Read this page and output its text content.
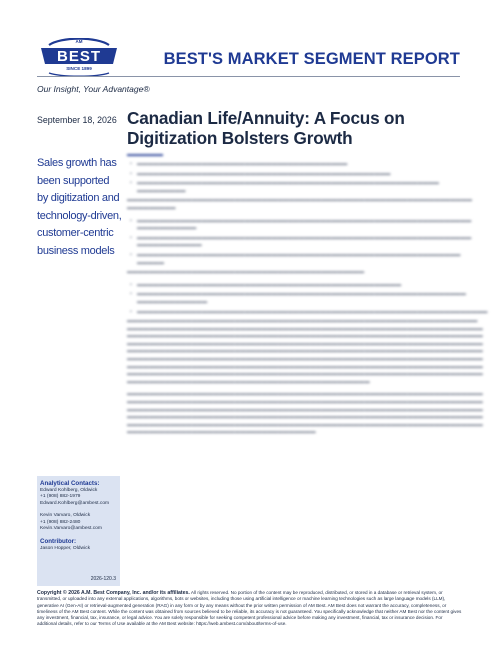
AM
BEST
SINCE 1899
BEST'S MARKET SEGMENT REPORT
Our Insight, Your Advantage®
September 18, 2026
Sales growth has been supported by digitization and technology-driven, customer-centric business models
Analytical Contacts:
Edward Kohlberg, Oldwick
+1 (908) 882-1979
Edward.Kohlberg@ambest.com
Kevin Varvaro, Oldwick
+1 (908) 882-2480
Kevin.Varvaro@ambest.com
Contributor:
Jason Hopper, Oldwick
2026-120.3
Canadian Life/Annuity: A Focus on Digitization Bolsters Growth
▬▬▬▬▬▬
• ▬▬▬▬▬▬▬▬▬▬▬▬▬▬▬▬▬▬▬▬▬▬▬▬▬▬▬▬▬▬▬▬▬▬▬▬▬▬▬
• ▬▬▬▬▬▬▬▬▬▬▬▬▬▬▬▬▬▬▬▬▬▬▬▬▬▬▬▬▬▬▬▬▬▬▬▬▬▬▬▬▬▬▬▬▬▬▬
• ▬▬▬▬▬▬▬▬▬▬▬▬▬▬▬▬▬▬▬▬▬▬▬▬▬▬▬▬▬▬▬▬▬▬▬▬▬▬▬▬▬▬▬▬▬▬▬▬▬▬▬▬▬▬▬▬ ▬▬▬▬▬▬▬▬▬
▬▬▬▬▬▬▬▬▬▬▬▬▬▬▬▬▬▬▬▬▬▬▬▬▬▬▬▬▬▬▬▬▬▬▬▬▬▬▬▬▬▬▬▬▬▬▬▬▬▬▬▬▬▬▬▬▬▬▬▬▬▬▬▬ ▬▬▬▬▬▬▬▬▬
• ▬▬▬▬▬▬▬▬▬▬▬▬▬▬▬▬▬▬▬▬▬▬▬▬▬▬▬▬▬▬▬▬▬▬▬▬▬▬▬▬▬▬▬▬▬▬▬▬▬▬▬▬▬▬▬▬▬▬▬▬▬▬ ▬▬▬▬▬▬▬▬▬▬▬
• ▬▬▬▬▬▬▬▬▬▬▬▬▬▬▬▬▬▬▬▬▬▬▬▬▬▬▬▬▬▬▬▬▬▬▬▬▬▬▬▬▬▬▬▬▬▬▬▬▬▬▬▬▬▬▬▬▬▬▬▬▬▬ ▬▬▬▬▬▬▬▬▬▬▬▬
• ▬▬▬▬▬▬▬▬▬▬▬▬▬▬▬▬▬▬▬▬▬▬▬▬▬▬▬▬▬▬▬▬▬▬▬▬▬▬▬▬▬▬▬▬▬▬▬▬▬▬▬▬▬▬▬▬▬▬▬▬ ▬▬▬▬▬
▬▬▬▬▬▬▬▬▬▬▬▬▬▬▬▬▬▬▬▬▬▬▬▬▬▬▬▬▬▬▬▬▬▬▬▬▬▬▬▬▬▬▬▬
• ▬▬▬▬▬▬▬▬▬▬▬▬▬▬▬▬▬▬▬▬▬▬▬▬▬▬▬▬▬▬▬▬▬▬▬▬▬▬▬▬▬▬▬▬▬▬▬▬▬
• ▬▬▬▬▬▬▬▬▬▬▬▬▬▬▬▬▬▬▬▬▬▬▬▬▬▬▬▬▬▬▬▬▬▬▬▬▬▬▬▬▬▬▬▬▬▬▬▬▬▬▬▬▬▬▬▬▬▬▬▬▬ ▬▬▬▬▬▬▬▬▬▬▬▬▬
• ▬▬▬▬▬▬▬▬▬▬▬▬▬▬▬▬▬▬▬▬▬▬▬▬▬▬▬▬▬▬▬▬▬▬▬▬▬▬▬▬▬▬▬▬▬▬▬▬▬▬▬▬▬▬▬▬▬▬▬▬▬▬▬▬▬
▬▬▬▬▬▬▬▬▬▬▬▬▬▬▬▬▬▬▬▬▬▬▬▬▬▬▬▬▬▬▬▬▬▬▬▬▬▬▬▬▬▬▬▬▬▬▬▬▬▬▬▬▬▬▬▬▬▬▬▬▬▬▬▬▬ ▬▬▬▬▬▬▬▬▬▬▬▬▬▬▬▬▬▬▬▬▬▬▬▬▬▬▬▬▬▬▬▬▬▬▬▬▬▬▬▬▬▬▬▬▬▬▬▬▬▬▬▬▬▬▬▬▬▬▬▬▬▬▬▬▬▬ ▬▬▬▬▬▬▬▬▬▬▬▬▬▬▬▬▬▬▬▬▬▬▬▬▬▬▬▬▬▬▬▬▬▬▬▬▬▬▬▬▬▬▬▬▬▬▬▬▬▬▬▬▬▬▬▬▬▬▬▬▬▬▬▬▬▬ ▬▬▬▬▬▬▬▬▬▬▬▬▬▬▬▬▬▬▬▬▬▬▬▬▬▬▬▬▬▬▬▬▬▬▬▬▬▬▬▬▬▬▬▬▬▬▬▬▬▬▬▬▬▬▬▬▬▬▬▬▬▬▬▬▬▬ ▬▬▬▬▬▬▬▬▬▬▬▬▬▬▬▬▬▬▬▬▬▬▬▬▬▬▬▬▬▬▬▬▬▬▬▬▬▬▬▬▬▬▬▬▬▬▬▬▬▬▬▬▬▬▬▬▬▬▬▬▬▬▬▬▬▬ ▬▬▬▬▬▬▬▬▬▬▬▬▬▬▬▬▬▬▬▬▬▬▬▬▬▬▬▬▬▬▬▬▬▬▬▬▬▬▬▬▬▬▬▬▬▬▬▬▬▬▬▬▬▬▬▬▬▬▬▬▬▬▬▬▬▬ ▬▬▬▬▬▬▬▬▬▬▬▬▬▬▬▬▬▬▬▬▬▬▬▬▬▬▬▬▬▬▬▬▬▬▬▬▬▬▬▬▬▬▬▬▬▬▬▬▬▬▬▬▬▬▬▬▬▬▬▬▬▬▬▬▬▬ ▬▬▬▬▬▬▬▬▬▬▬▬▬▬▬▬▬▬▬▬▬▬▬▬▬▬▬▬▬▬▬▬▬▬▬▬▬▬▬▬▬▬▬▬▬▬▬▬▬▬▬▬▬▬▬▬▬▬▬▬▬▬▬▬▬▬ ▬▬▬▬▬▬▬▬▬▬▬▬▬▬▬▬▬▬▬▬▬▬▬▬▬▬▬▬▬▬▬▬▬▬▬▬▬▬▬▬▬▬▬▬▬
▬▬▬▬▬▬▬▬▬▬▬▬▬▬▬▬▬▬▬▬▬▬▬▬▬▬▬▬▬▬▬▬▬▬▬▬▬▬▬▬▬▬▬▬▬▬▬▬▬▬▬▬▬▬▬▬▬▬▬▬▬▬▬▬▬▬ ▬▬▬▬▬▬▬▬▬▬▬▬▬▬▬▬▬▬▬▬▬▬▬▬▬▬▬▬▬▬▬▬▬▬▬▬▬▬▬▬▬▬▬▬▬▬▬▬▬▬▬▬▬▬▬▬▬▬▬▬▬▬▬▬▬▬ ▬▬▬▬▬▬▬▬▬▬▬▬▬▬▬▬▬▬▬▬▬▬▬▬▬▬▬▬▬▬▬▬▬▬▬▬▬▬▬▬▬▬▬▬▬▬▬▬▬▬▬▬▬▬▬▬▬▬▬▬▬▬▬▬▬▬ ▬▬▬▬▬▬▬▬▬▬▬▬▬▬▬▬▬▬▬▬▬▬▬▬▬▬▬▬▬▬▬▬▬▬▬▬▬▬▬▬▬▬▬▬▬▬▬▬▬▬▬▬▬▬▬▬▬▬▬▬▬▬▬▬▬▬ ▬▬▬▬▬▬▬▬▬▬▬▬▬▬▬▬▬▬▬▬▬▬▬▬▬▬▬▬▬▬▬▬▬▬▬▬▬▬▬▬▬▬▬▬▬▬▬▬▬▬▬▬▬▬▬▬▬▬▬▬▬▬▬▬▬▬ ▬▬▬▬▬▬▬▬▬▬▬▬▬▬▬▬▬▬▬▬▬▬▬▬▬▬▬▬▬▬▬▬▬▬▬
Copyright © 2026 A.M. Best Company, Inc. and/or its affiliates. All rights reserved. No portion of the content may be reproduced, distributed, or stored in a database or retrieval system, or transmitted, or uploaded into any external applications, algorithms, bots or websites, including those using artificial intelligence or machine learning technologies such as large language models (LLM), generative AI (Gen-AI) or retrieval-augmented generation (RAG) in any form or by any means without the prior written permission of AM Best. AM Best does not warrant the accuracy, completeness, or timeliness of the AM Best content. While the content was obtained from sources believed to be reliable, its accuracy is not guaranteed. You specifically acknowledge that neither AM Best nor the content gives any investment, financial, tax, insurance, or legal advice. You are solely responsible for seeking competent professional advice before making any investment, financial, tax or insurance decision. For additional details, refer to our Terms of Use available at the AM Best website: https://web.ambest.com/about/terms-of-use.
